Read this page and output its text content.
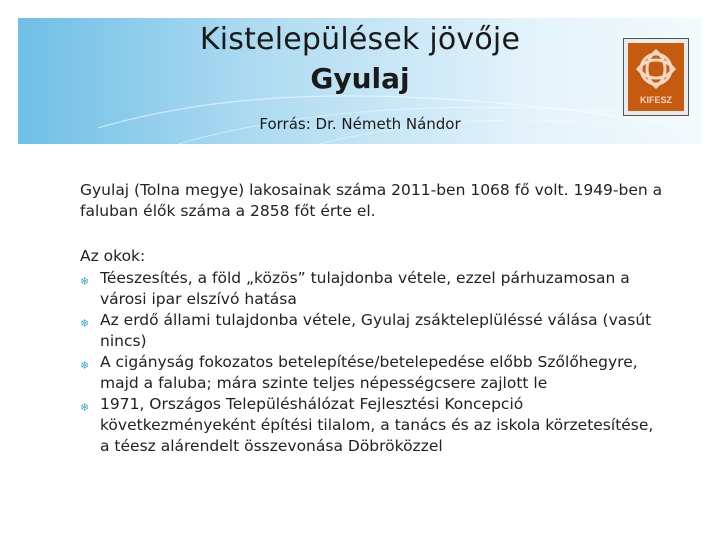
Kistelepülések jövője
Gyulaj
Forrás: Dr. Németh Nándor
KIFESZ

Gyulaj (Tolna megye) lakosainak száma 2011-ben 1068 fő volt. 1949-ben a faluban élők száma a 2858 főt érte el.

Az okok:

❄ Téeszesítés, a föld „közös” tulajdonba vétele, ezzel párhuzamosan a városi ipar elszívó hatása
❄ Az erdő állami tulajdonba vétele, Gyulaj zsákteleplüléssé válása (vasút nincs)
❄ A cigányság fokozatos betelepítése/betelepedése előbb Szőlőhegyre, majd a faluba; mára szinte teljes népességcsere zajlott le
❄ 1971, Országos Településhálózat Fejlesztési Koncepció következményeként építési tilalom, a tanács és az iskola körzetesítése, a téesz alárendelt összevonása Döbröközzel
